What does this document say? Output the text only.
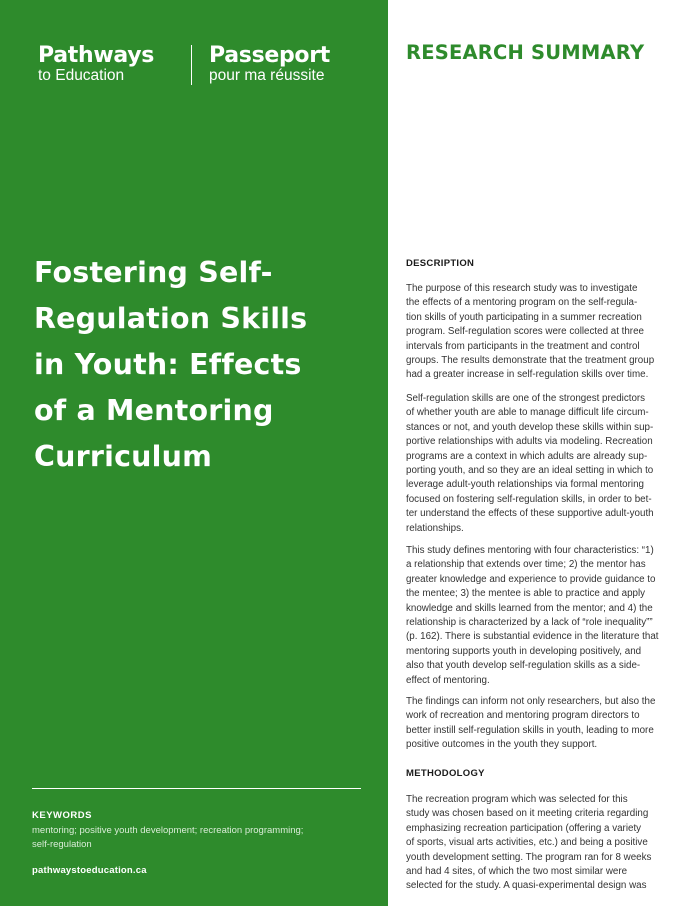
Pathways
to Education
Passeport
pour ma réussite
Fostering Self-
Regulation Skills
in Youth: Effects
of a Mentoring
Curriculum
KEYWORDS
mentoring; positive youth development; recreation programming;
self-regulation
pathwaystoeducation.ca
RESEARCH SUMMARY
DESCRIPTION
The purpose of this research study was to investigate
the effects of a mentoring program on the self-regula-
tion skills of youth participating in a summer recreation
program. Self-regulation scores were collected at three
intervals from participants in the treatment and control
groups. The results demonstrate that the treatment group
had a greater increase in self-regulation skills over time.
Self-regulation skills are one of the strongest predictors
of whether youth are able to manage difficult life circum-
stances or not, and youth develop these skills within sup-
portive relationships with adults via modeling. Recreation
programs are a context in which adults are already sup-
porting youth, and so they are an ideal setting in which to
leverage adult-youth relationships via formal mentoring
focused on fostering self-regulation skills, in order to bet-
ter understand the effects of these supportive adult-youth
relationships.
This study defines mentoring with four characteristics: “1)
a relationship that extends over time; 2) the mentor has
greater knowledge and experience to provide guidance to
the mentee; 3) the mentee is able to practice and apply
knowledge and skills learned from the mentor; and 4) the
relationship is characterized by a lack of “role inequality””
(p. 162). There is substantial evidence in the literature that
mentoring supports youth in developing positively, and
also that youth develop self-regulation skills as a side-
effect of mentoring.
The findings can inform not only researchers, but also the
work of recreation and mentoring program directors to
better instill self-regulation skills in youth, leading to more
positive outcomes in the youth they support.
METHODOLOGY
The recreation program which was selected for this
study was chosen based on it meeting criteria regarding
emphasizing recreation participation (offering a variety
of sports, visual arts activities, etc.) and being a positive
youth development setting. The program ran for 8 weeks
and had 4 sites, of which the two most similar were
selected for the study. A quasi-experimental design was
